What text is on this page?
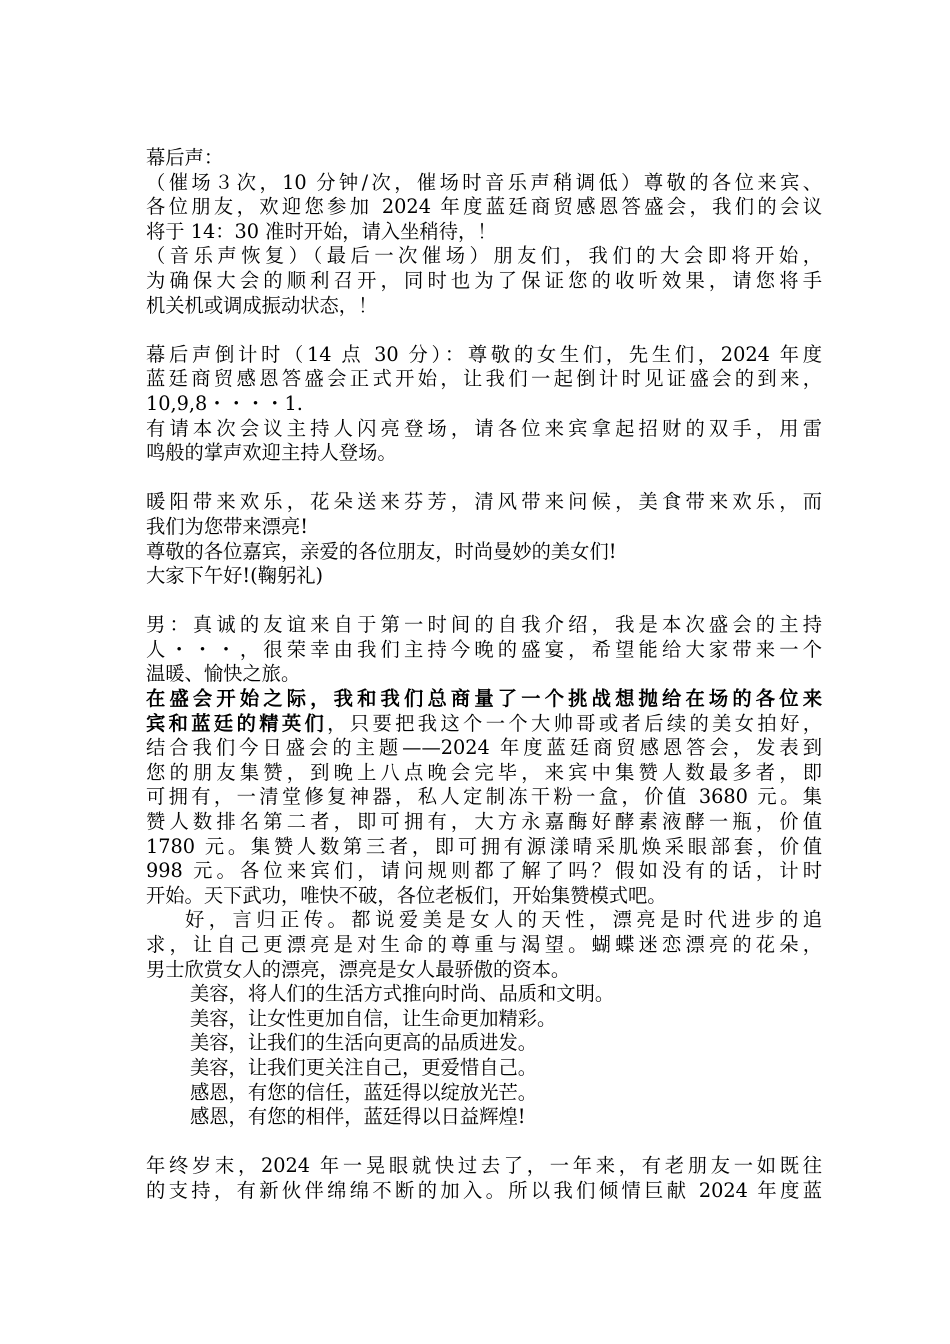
幕后声：
（催场３次，10 分钟/次，催场时音乐声稍调低）尊敬的各位来宾、
各位朋友，欢迎您参加 2024 年度蓝廷商贸感恩答盛会，我们的会议
将于 14：30 准时开始，请入坐稍待，！
（音乐声恢复）（最后一次催场）朋友们，我们的大会即将开始，
为确保大会的顺利召开，同时也为了保证您的收听效果，请您将手
机关机或调成振动状态，！
幕后声倒计时（14 点 30 分）：尊敬的女生们，先生们，2024 年度
蓝廷商贸感恩答盛会正式开始，让我们一起倒计时见证盛会的到来，
10,9,8・・・・1.
有请本次会议主持人闪亮登场，请各位来宾拿起招财的双手，用雷
鸣般的掌声欢迎主持人登场。
暖阳带来欢乐，花朵送来芬芳，清风带来问候，美食带来欢乐，而
我们为您带来漂亮!
尊敬的各位嘉宾，亲爱的各位朋友，时尚曼妙的美女们!
大家下午好!(鞠躬礼)
男：真诚的友谊来自于第一时间的自我介绍，我是本次盛会的主持
人・・・，很荣幸由我们主持今晚的盛宴，希望能给大家带来一个
温暖、愉快之旅。
在盛会开始之际，我和我们总商量了一个挑战想抛给在场的各位来
宾和蓝廷的精英们，只要把我这个一个大帅哥或者后续的美女拍好，
结合我们今日盛会的主题——2024 年度蓝廷商贸感恩答会，发表到
您的朋友集赞，到晚上八点晚会完毕，来宾中集赞人数最多者，即
可拥有，一清堂修复神器，私人定制冻干粉一盒，价值 3680 元。集
赞人数排名第二者，即可拥有，大方永嘉酶好酵素液酵一瓶，价值
1780 元。集赞人数第三者，即可拥有源漾晴采肌焕采眼部套，价值
998 元。各位来宾们，请问规则都了解了吗？假如没有的话，计时
开始。天下武功，唯快不破，各位老板们，开始集赞模式吧。
好，言归正传。都说爱美是女人的天性，漂亮是时代进步的追
求，让自己更漂亮是对生命的尊重与渴望。蝴蝶迷恋漂亮的花朵，
男士欣赏女人的漂亮，漂亮是女人最骄傲的资本。
美容，将人们的生活方式推向时尚、品质和文明。
美容，让女性更加自信，让生命更加精彩。
美容，让我们的生活向更高的品质进发。
美容，让我们更关注自己，更爱惜自己。
感恩，有您的信任，蓝廷得以绽放光芒。
感恩，有您的相伴，蓝廷得以日益辉煌!
年终岁末，2024 年一晃眼就快过去了，一年来，有老朋友一如既往
的支持，有新伙伴绵绵不断的加入。所以我们倾情巨献 2024 年度蓝
